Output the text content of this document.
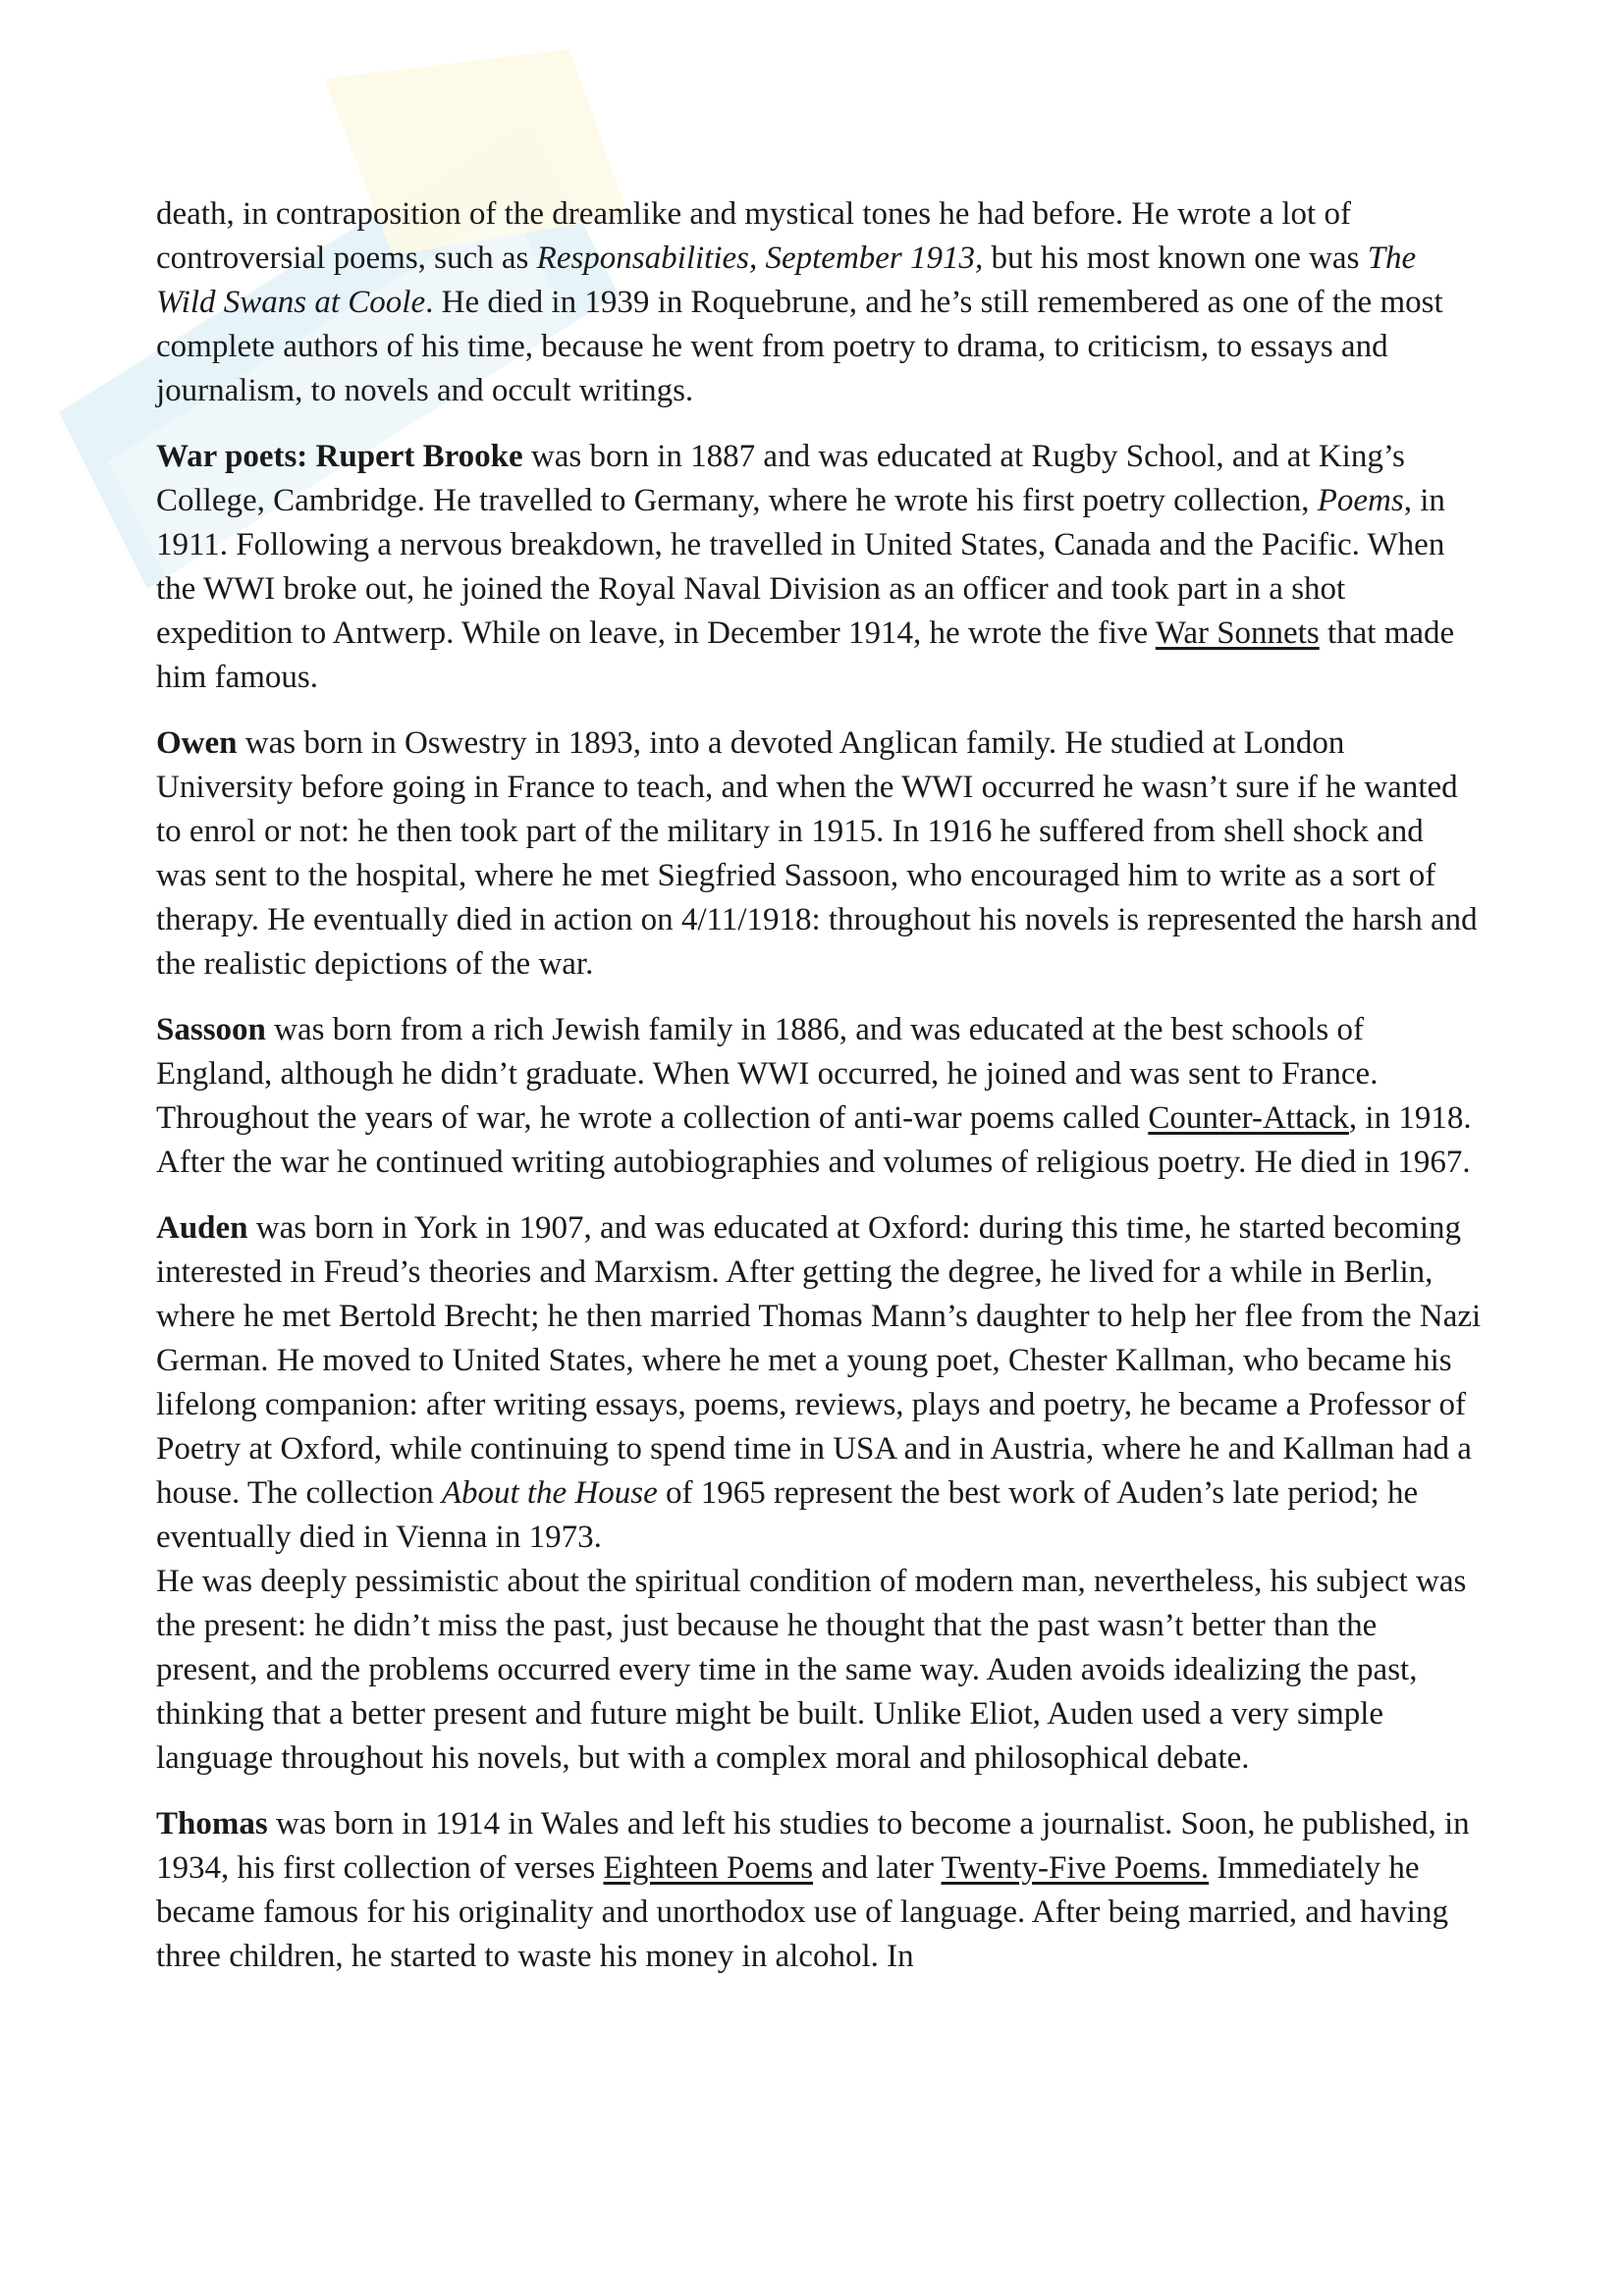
death, in contraposition of the dreamlike and mystical tones he had before. He wrote a lot of controversial poems, such as Responsabilities, September 1913, but his most known one was The Wild Swans at Coole. He died in 1939 in Roquebrune, and he’s still remembered as one of the most complete authors of his time, because he went from poetry to drama, to criticism, to essays and journalism, to novels and occult writings.

War poets: Rupert Brooke was born in 1887 and was educated at Rugby School, and at King’s College, Cambridge. He travelled to Germany, where he wrote his first poetry collection, Poems, in 1911. Following a nervous breakdown, he travelled in United States, Canada and the Pacific. When the WWI broke out, he joined the Royal Naval Division as an officer and took part in a shot expedition to Antwerp. While on leave, in December 1914, he wrote the five War Sonnets that made him famous.

Owen was born in Oswestry in 1893, into a devoted Anglican family. He studied at London University before going in France to teach, and when the WWI occurred he wasn’t sure if he wanted to enrol or not: he then took part of the military in 1915. In 1916 he suffered from shell shock and was sent to the hospital, where he met Siegfried Sassoon, who encouraged him to write as a sort of therapy. He eventually died in action on 4/11/1918: throughout his novels is represented the harsh and the realistic depictions of the war.

Sassoon was born from a rich Jewish family in 1886, and was educated at the best schools of England, although he didn’t graduate. When WWI occurred, he joined and was sent to France. Throughout the years of war, he wrote a collection of anti-war poems called Counter-Attack, in 1918. After the war he continued writing autobiographies and volumes of religious poetry. He died in 1967.

Auden was born in York in 1907, and was educated at Oxford: during this time, he started becoming interested in Freud’s theories and Marxism. After getting the degree, he lived for a while in Berlin, where he met Bertold Brecht; he then married Thomas Mann’s daughter to help her flee from the Nazi German. He moved to United States, where he met a young poet, Chester Kallman, who became his lifelong companion: after writing essays, poems, reviews, plays and poetry, he became a Professor of Poetry at Oxford, while continuing to spend time in USA and in Austria, where he and Kallman had a house. The collection About the House of 1965 represent the best work of Auden’s late period; he eventually died in Vienna in 1973.

He was deeply pessimistic about the spiritual condition of modern man, nevertheless, his subject was the present: he didn’t miss the past, just because he thought that the past wasn’t better than the present, and the problems occurred every time in the same way. Auden avoids idealizing the past, thinking that a better present and future might be built. Unlike Eliot, Auden used a very simple language throughout his novels, but with a complex moral and philosophical debate.

Thomas was born in 1914 in Wales and left his studies to become a journalist. Soon, he published, in 1934, his first collection of verses Eighteen Poems and later Twenty-Five Poems. Immediately he became famous for his originality and unorthodox use of language. After being married, and having three children, he started to waste his money in alcohol. In
